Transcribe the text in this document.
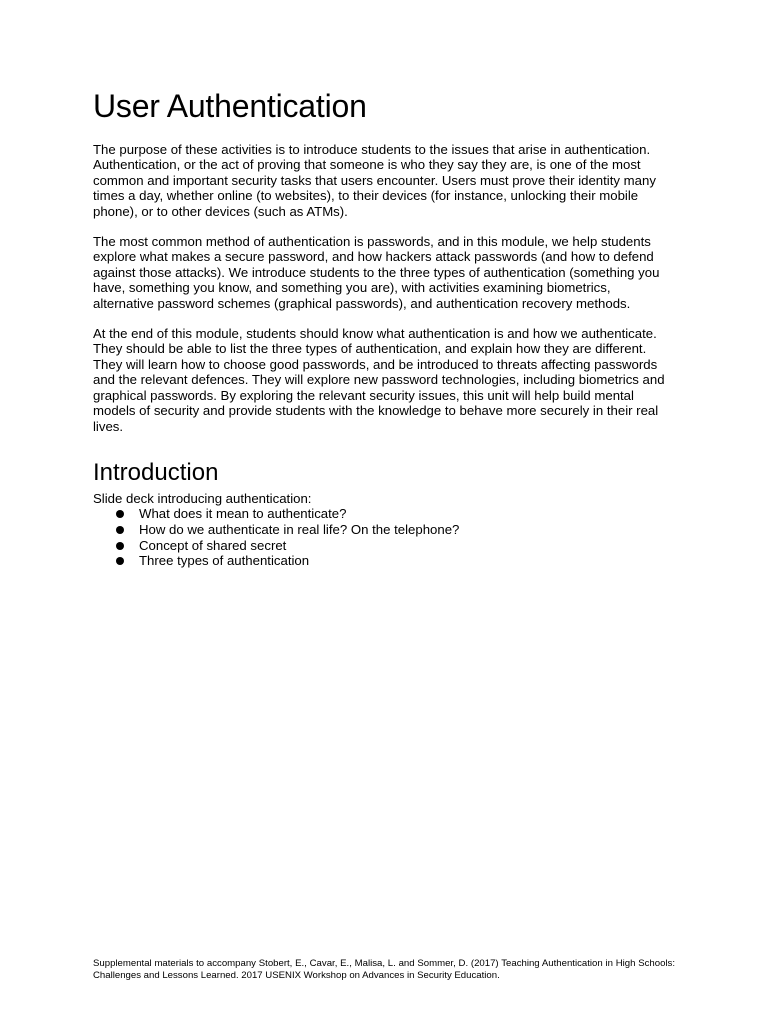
User Authentication

The purpose of these activities is to introduce students to the issues that arise in authentication. Authentication, or the act of proving that someone is who they say they are, is one of the most common and important security tasks that users encounter. Users must prove their identity many times a day, whether online (to websites), to their devices (for instance, unlocking their mobile phone), or to other devices (such as ATMs).

The most common method of authentication is passwords, and in this module, we help students explore what makes a secure password, and how hackers attack passwords (and how to defend against those attacks). We introduce students to the three types of authentication (something you have, something you know, and something you are), with activities examining biometrics, alternative password schemes (graphical passwords), and authentication recovery methods.

At the end of this module, students should know what authentication is and how we authenticate. They should be able to list the three types of authentication, and explain how they are different. They will learn how to choose good passwords, and be introduced to threats affecting passwords and the relevant defences. They will explore new password technologies, including biometrics and graphical passwords. By exploring the relevant security issues, this unit will help build mental models of security and provide students with the knowledge to behave more securely in their real lives.

Introduction
Slide deck introducing authentication:
What does it mean to authenticate?
How do we authenticate in real life? On the telephone?
Concept of shared secret
Three types of authentication
Supplemental materials to accompany Stobert, E., Cavar, E., Malisa, L. and Sommer, D. (2017) Teaching Authentication in High Schools: Challenges and Lessons Learned. 2017 USENIX Workshop on Advances in Security Education.
